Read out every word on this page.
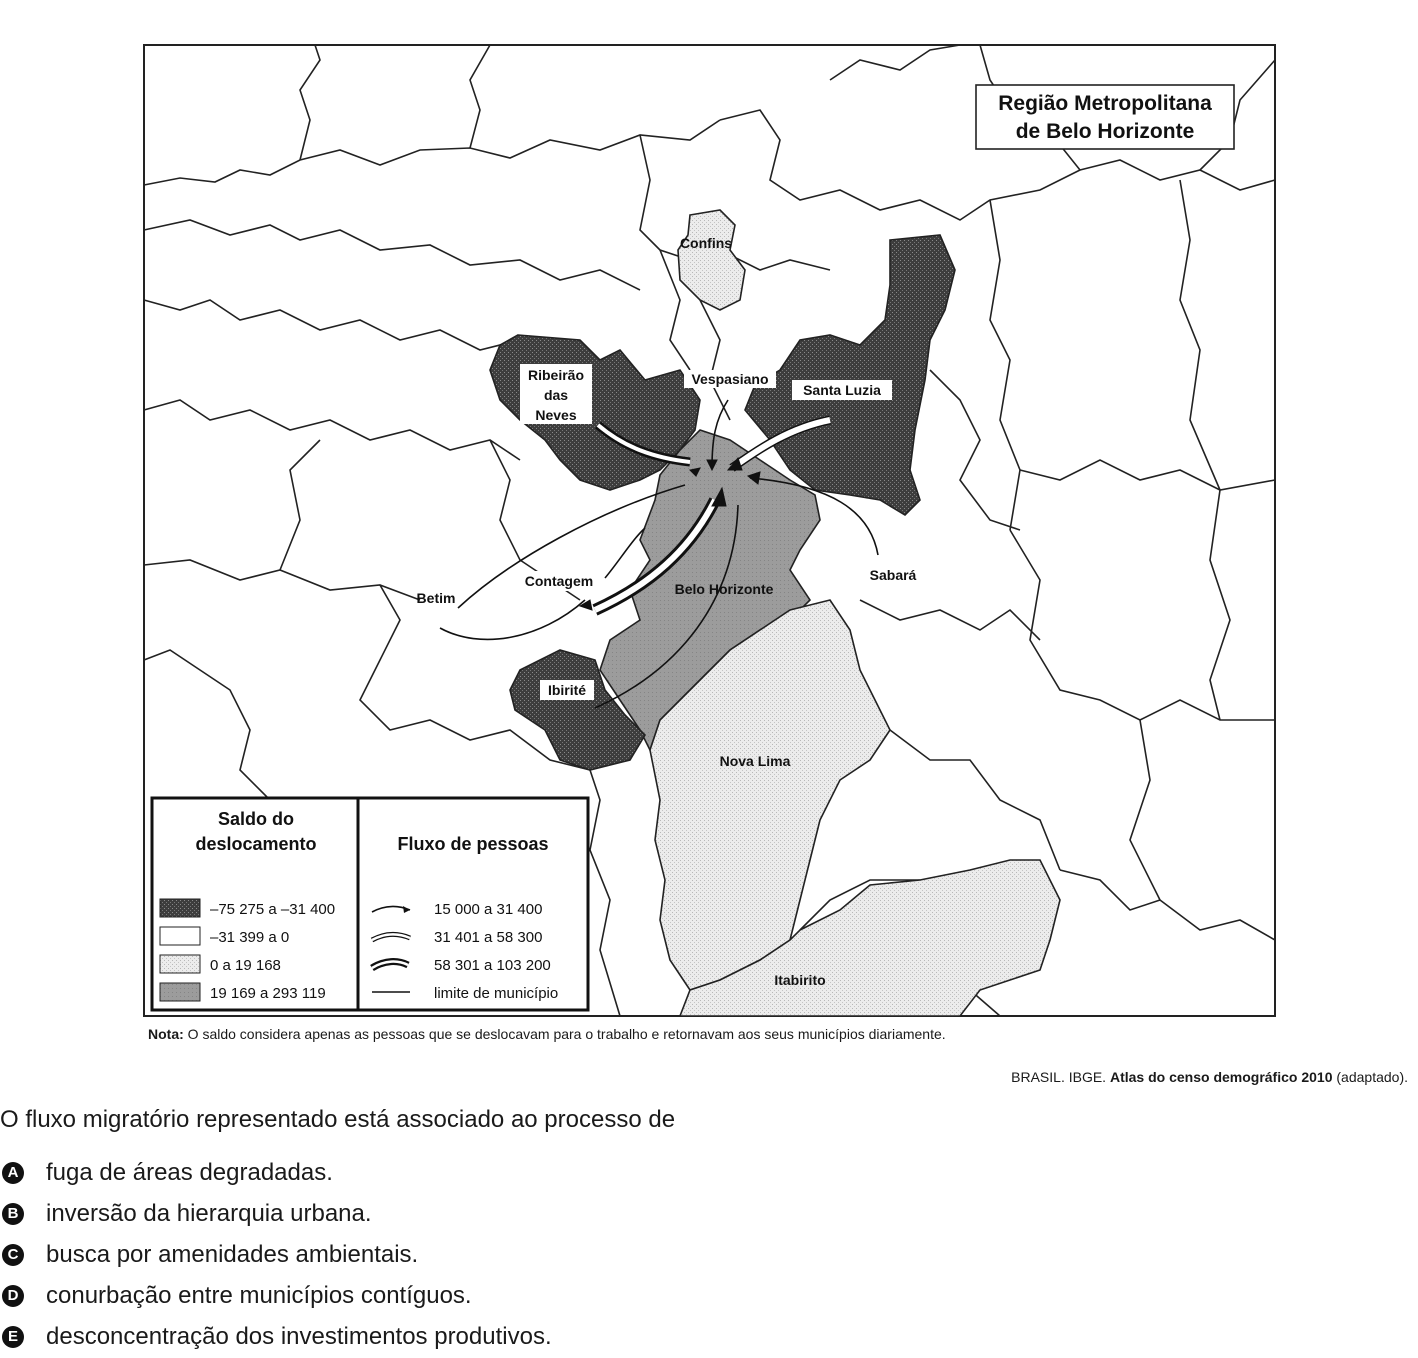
Região Metropolitana
de Belo Horizonte
Confins
Vespasiano
Ribeirão
das
Neves
Santa Luzia
Sabará
Betim
Contagem	Belo Horizonte
Ibirité
Nova Lima
Itabirito
Saldo do
deslocamento	Fluxo de pessoas
–75 275 a –31 400
–31 399 a 0
0 a 19 168
19 169 a 293 119
15 000 a 31 400
31 401 a 58 300
58 301 a 103 200
limite de município
Nota: O saldo considera apenas as pessoas que se deslocavam para o trabalho e retornavam aos seus municípios diariamente.
BRASIL. IBGE. Atlas do censo demográfico 2010 (adaptado).
O fluxo migratório representado está associado ao processo de
A fuga de áreas degradadas.
B inversão da hierarquia urbana.
C busca por amenidades ambientais.
D conurbação entre municípios contíguos.
E desconcentração dos investimentos produtivos.
